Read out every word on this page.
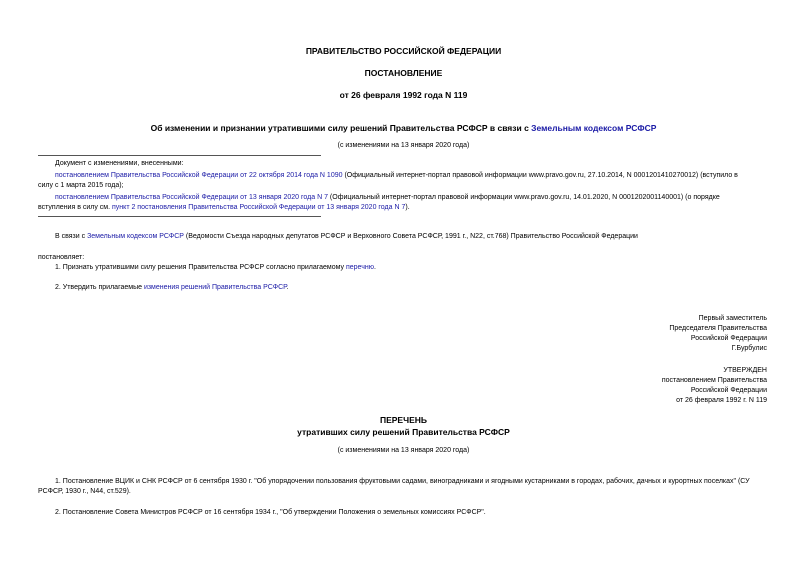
ПРАВИТЕЛЬСТВО РОССИЙСКОЙ ФЕДЕРАЦИИ
ПОСТАНОВЛЕНИЕ
от 26 февраля 1992 года N 119
Об изменении и признании утратившими силу решений Правительства РСФСР в связи с Земельным кодексом РСФСР
(с изменениями на 13 января 2020 года)
Документ с изменениями, внесенными:
постановлением Правительства Российской Федерации от 22 октября 2014 года N 1090 (Официальный интернет-портал правовой информации www.pravo.gov.ru, 27.10.2014, N 0001201410270012) (вступило в
силу с 1 марта 2015 года);
постановлением Правительства Российской Федерации от 13 января 2020 года N 7 (Официальный интернет-портал правовой информации www.pravo.gov.ru, 14.01.2020, N 0001202001140001) (о порядке
вступления в силу см. пункт 2 постановления Правительства Российской Федерации от 13 января 2020 года N 7).
В связи с Земельным кодексом РСФСР (Ведомости Съезда народных депутатов РСФСР и Верховного Совета РСФСР, 1991 г., N22, ст.768) Правительство Российской Федерации
постановляет:
1. Признать утратившими силу решения Правительства РСФСР согласно прилагаемому перечню.
2. Утвердить прилагаемые изменения решений Правительства РСФСР.
Первый заместитель
Председателя Правительства
Российской Федерации
Г.Бурбулис
УТВЕРЖДЕН
постановлением Правительства
Российской Федерации
от 26 февраля 1992 г. N 119
ПЕРЕЧЕНЬ
утративших силу решений Правительства РСФСР
(с изменениями на 13 января 2020 года)
1. Постановление ВЦИК и СНК РСФСР от 6 сентября 1930 г. "Об упорядочении пользования фруктовыми садами, виноградниками и ягодными кустарниками в городах, рабочих, дачных и курортных поселках" (СУ
РСФСР, 1930 г., N44, ст.529).
2. Постановление Совета Министров РСФСР от 16 сентября 1934 г., "Об утверждении Положения о земельных комиссиях РСФСР".
